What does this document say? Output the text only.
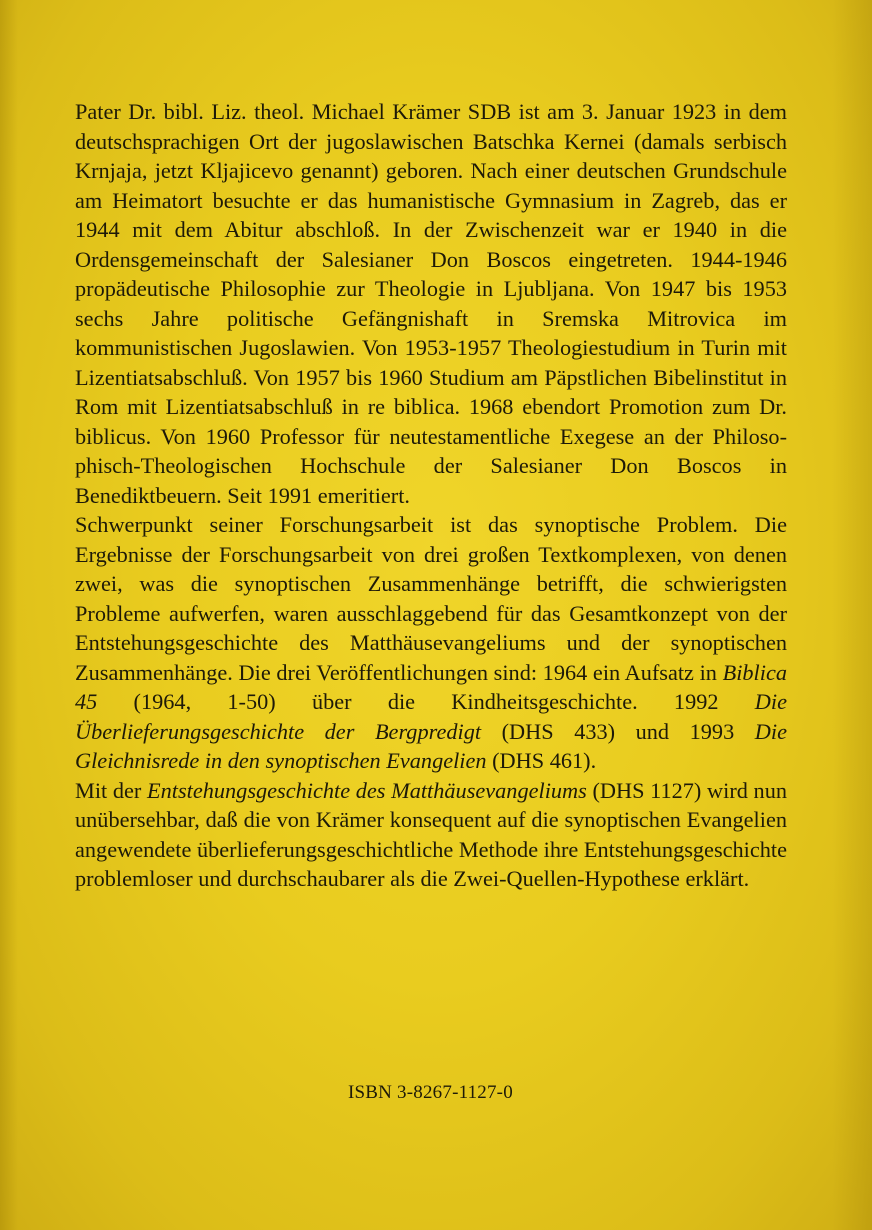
Pater Dr. bibl. Liz. theol. Michael Krämer SDB ist am 3. Januar 1923 in dem deutschsprachigen Ort der jugoslawischen Batschka Kernei (damals serbisch Krnjaja, jetzt Kljajicevo genannt) geboren. Nach einer deutschen Grundschule am Heimatort besuchte er das humanistische Gymnasium in Zagreb, das er 1944 mit dem Abitur abschloß. In der Zwischenzeit war er 1940 in die Ordensgemeinschaft der Salesianer Don Boscos eingetreten. 1944-1946 propädeutische Philosophie zur Theologie in Ljubljana. Von 1947 bis 1953 sechs Jahre politische Gefängnishaft in Sremska Mitrovica im kommunistischen Jugoslawien. Von 1953-1957 Theologiestudium in Turin mit Lizentiatsabschluß. Von 1957 bis 1960 Studium am Päpstlichen Bibelinstitut in Rom mit Lizentiatsabschluß in re biblica. 1968 ebendort Promotion zum Dr. biblicus. Von 1960 Professor für neutestamentliche Exegese an der Philosophisch-Theologischen Hochschule der Salesianer Don Boscos in Benediktbeuern. Seit 1991 emeritiert.

Schwerpunkt seiner Forschungsarbeit ist das synoptische Problem. Die Ergebnisse der Forschungsarbeit von drei großen Textkomplexen, von denen zwei, was die synoptischen Zusammenhänge betrifft, die schwierigsten Probleme aufwerfen, waren ausschlaggebend für das Gesamtkonzept von der Entstehungsgeschichte des Matthäusevangeliums und der synoptischen Zusammenhänge. Die drei Veröffentlichungen sind: 1964 ein Aufsatz in Biblica 45 (1964, 1-50) über die Kindheitsgeschichte. 1992 Die Überlieferungsgeschichte der Bergpredigt (DHS 433) und 1993 Die Gleichnisrede in den synoptischen Evangelien (DHS 461).

Mit der Entstehungsgeschichte des Matthäusevangeliums (DHS 1127) wird nun unübersehbar, daß die von Krämer konsequent auf die synoptischen Evangelien angewendete überlieferungsgeschichtliche Methode ihre Entstehungsgeschichte problemloser und durchschaubarer als die Zwei-Quellen-Hypothese erklärt.

ISBN 3-8267-1127-0
